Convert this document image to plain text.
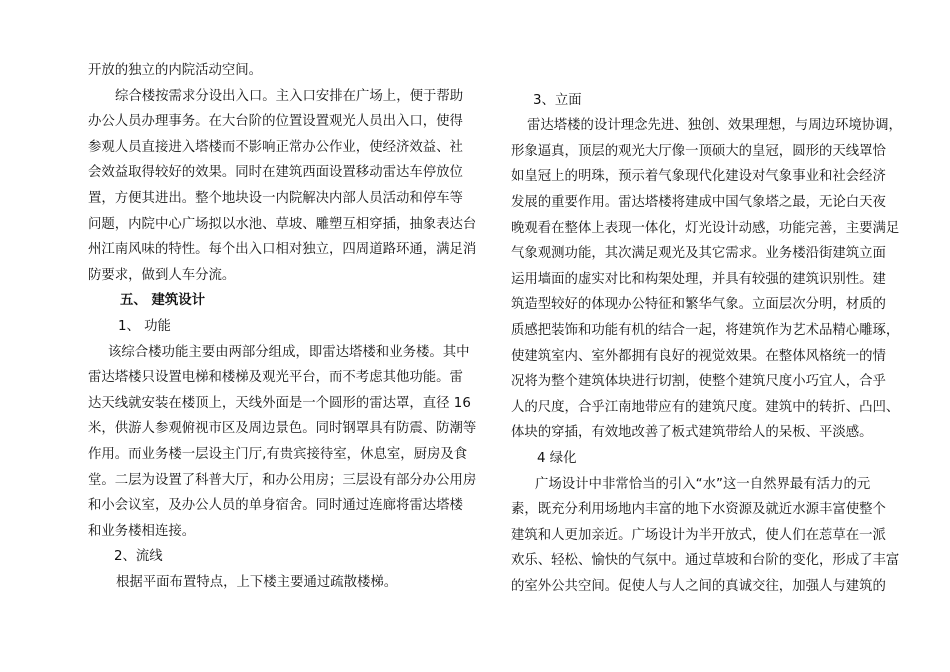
开放的独立的内院活动空间。
综合楼按需求分设出入口。主入口安排在广场上，便于帮助
办公人员办理事务。在大台阶的位置设置观光人员出入口，使得
参观人员直接进入塔楼而不影响正常办公作业，使经济效益、社
会效益取得较好的效果。同时在建筑西面设置移动雷达车停放位
置，方便其进出。整个地块设一内院解决内部人员活动和停车等
问题，内院中心广场拟以水池、草坡、雕塑互相穿插，抽象表达台
州江南风味的特性。每个出入口相对独立，四周道路环通，满足消
防要求，做到人车分流。
五、 建筑设计
1、 功能
该综合楼功能主要由两部分组成，即雷达塔楼和业务楼。其中
雷达塔楼只设置电梯和楼梯及观光平台，而不考虑其他功能。雷
达天线就安装在楼顶上，天线外面是一个圆形的雷达罩，直径 16
米，供游人参观俯视市区及周边景色。同时钢罩具有防震、防潮等
作用。而业务楼一层设主门厅,有贵宾接待室，休息室，厨房及食
堂。二层为设置了科普大厅，和办公用房；三层设有部分办公用房
和小会议室，及办公人员的单身宿舍。同时通过连廊将雷达塔楼
和业务楼相连接。
2、流线
根据平面布置特点，上下楼主要通过疏散楼梯。
3、立面
雷达塔楼的设计理念先进、独创、效果理想，与周边环境协调，
形象逼真，顶层的观光大厅像一顶硕大的皇冠，圆形的天线罩恰
如皇冠上的明珠，预示着气象现代化建设对气象事业和社会经济
发展的重要作用。雷达塔楼将建成中国气象塔之最，无论白天夜
晚观看在整体上表现一体化，灯光设计动感，功能完善，主要满足
气象观测功能，其次满足观光及其它需求。业务楼沿街建筑立面
运用墙面的虚实对比和构架处理，并具有较强的建筑识别性。建
筑造型较好的体现办公特征和繁华气象。立面层次分明，材质的
质感把装饰和功能有机的结合一起，将建筑作为艺术品精心雕琢，
使建筑室内、室外都拥有良好的视觉效果。在整体风格统一的情
况将为整个建筑体块进行切割，使整个建筑尺度小巧宜人，合乎
人的尺度，合乎江南地带应有的建筑尺度。建筑中的转折、凸凹、
体块的穿插，有效地改善了板式建筑带给人的呆板、平淡感。
4 绿化
广场设计中非常恰当的引入“水”这一自然界最有活力的元
素，既充分利用场地内丰富的地下水资源及就近水源丰富使整个
建筑和人更加亲近。广场设计为半开放式，使人们在莣草在一派
欢乐、轻松、愉快的气氛中。通过草坡和台阶的变化，形成了丰富
的室外公共空间。促使人与人之间的真诚交往，加强人与建筑的
